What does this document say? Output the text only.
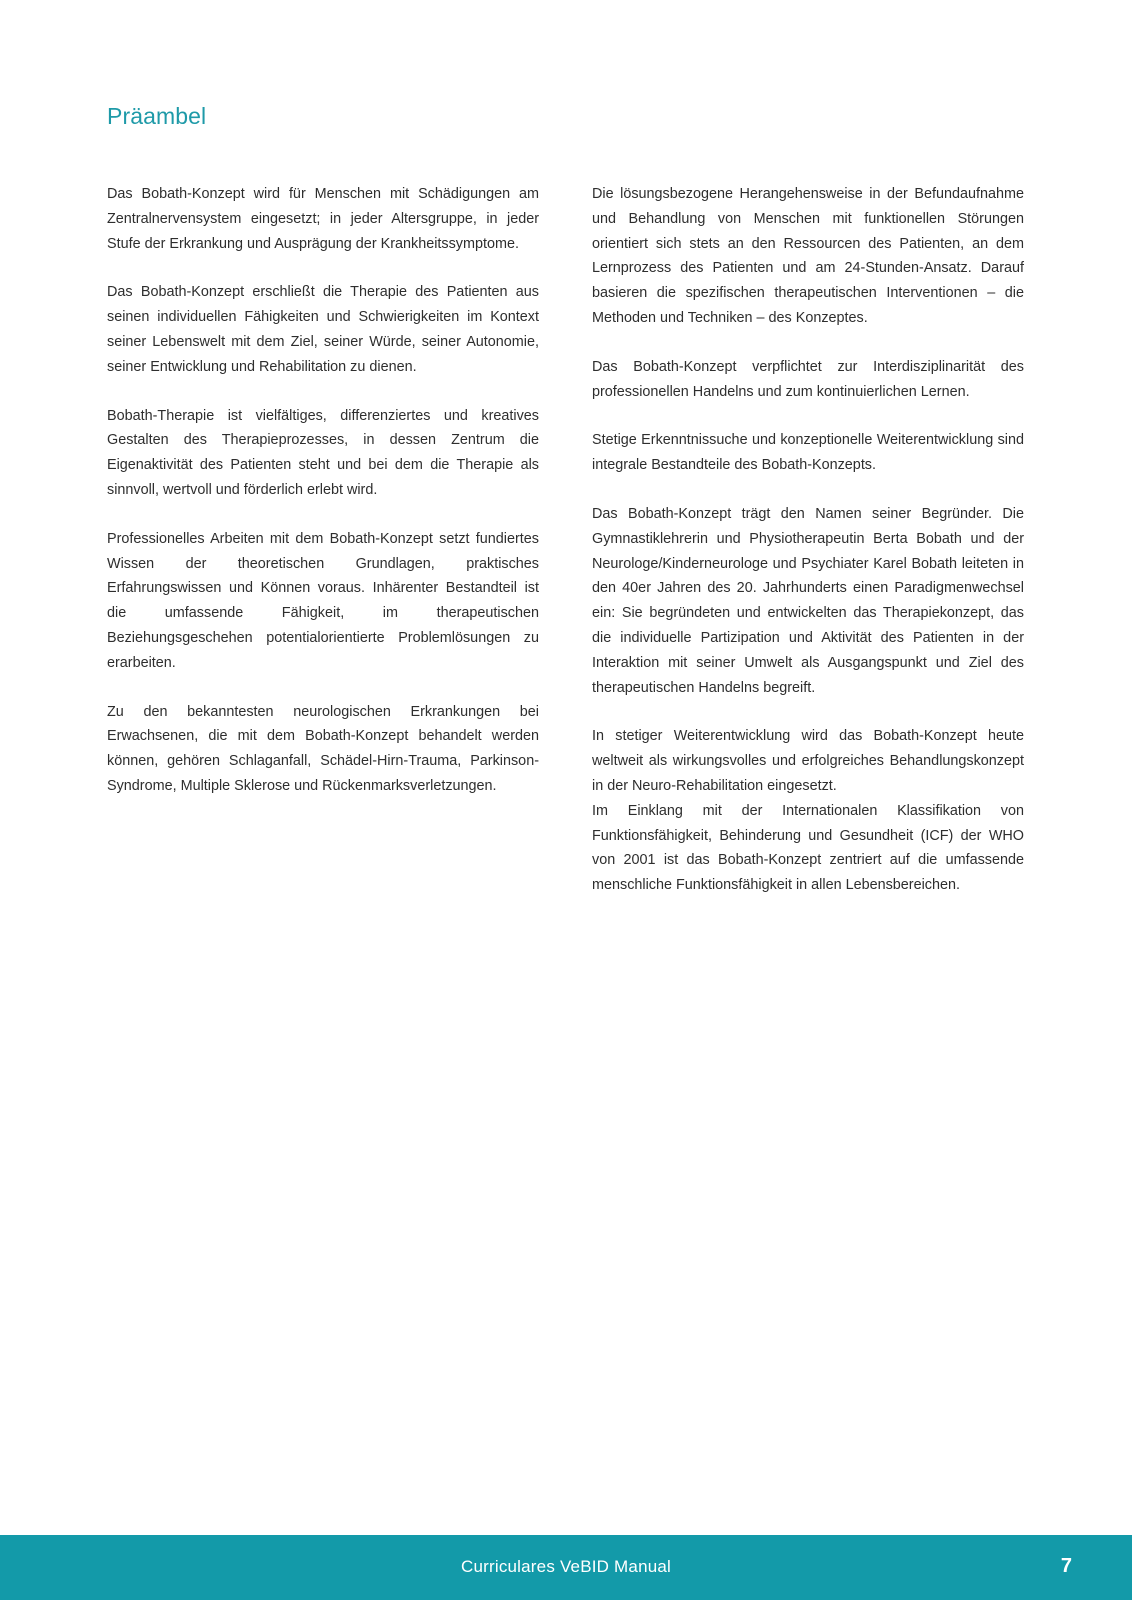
Präambel

Das Bobath-Konzept wird für Menschen mit Schädigungen am Zentralnervensystem eingesetzt; in jeder Altersgruppe, in jeder Stufe der Erkrankung und Ausprägung der Krankheitssymptome.

Das Bobath-Konzept erschließt die Therapie des Patienten aus seinen individuellen Fähigkeiten und Schwierigkeiten im Kontext seiner Lebenswelt mit dem Ziel, seiner Würde, seiner Autonomie, seiner Entwicklung und Rehabilitation zu dienen.

Bobath-Therapie ist vielfältiges, differenziertes und kreatives Gestalten des Therapieprozesses, in dessen Zentrum die Eigenaktivität des Patienten steht und bei dem die Therapie als sinnvoll, wertvoll und förderlich erlebt wird.

Professionelles Arbeiten mit dem Bobath-Konzept setzt fundiertes Wissen der theoretischen Grundlagen, praktisches Erfahrungswissen und Können voraus. Inhärenter Bestandteil ist die umfassende Fähigkeit, im therapeutischen Beziehungsgeschehen potentialorientierte Problemlösungen zu erarbeiten.

Zu den bekanntesten neurologischen Erkrankungen bei Erwachsenen, die mit dem Bobath-Konzept behandelt werden können, gehören Schlaganfall, Schädel-Hirn-Trauma, Parkinson-Syndrome, Multiple Sklerose und Rückenmarksverletzungen.

Die lösungsbezogene Herangehensweise in der Befundaufnahme und Behandlung von Menschen mit funktionellen Störungen orientiert sich stets an den Ressourcen des Patienten, an dem Lernprozess des Patienten und am 24-Stunden-Ansatz. Darauf basieren die spezifischen therapeutischen Interventionen – die Methoden und Techniken – des Konzeptes.

Das Bobath-Konzept verpflichtet zur Interdisziplinarität des professionellen Handelns und zum kontinuierlichen Lernen.

Stetige Erkenntnissuche und konzeptionelle Weiterentwicklung sind integrale Bestandteile des Bobath-Konzepts.

Das Bobath-Konzept trägt den Namen seiner Begründer. Die Gymnastiklehrerin und Physiotherapeutin Berta Bobath und der Neurologe/Kinderneurologe und Psychiater Karel Bobath leiteten in den 40er Jahren des 20. Jahrhunderts einen Paradigmenwechsel ein: Sie begründeten und entwickelten das Therapiekonzept, das die individuelle Partizipation und Aktivität des Patienten in der Interaktion mit seiner Umwelt als Ausgangspunkt und Ziel des therapeutischen Handelns begreift.

In stetiger Weiterentwicklung wird das Bobath-Konzept heute weltweit als wirkungsvolles und erfolgreiches Behandlungskonzept in der Neuro-Rehabilitation eingesetzt.

Im Einklang mit der Internationalen Klassifikation von Funktionsfähigkeit, Behinderung und Gesundheit (ICF) der WHO von 2001 ist das Bobath-Konzept zentriert auf die umfassende menschliche Funktionsfähigkeit in allen Lebensbereichen.

Curriculares VeBID Manual	7
